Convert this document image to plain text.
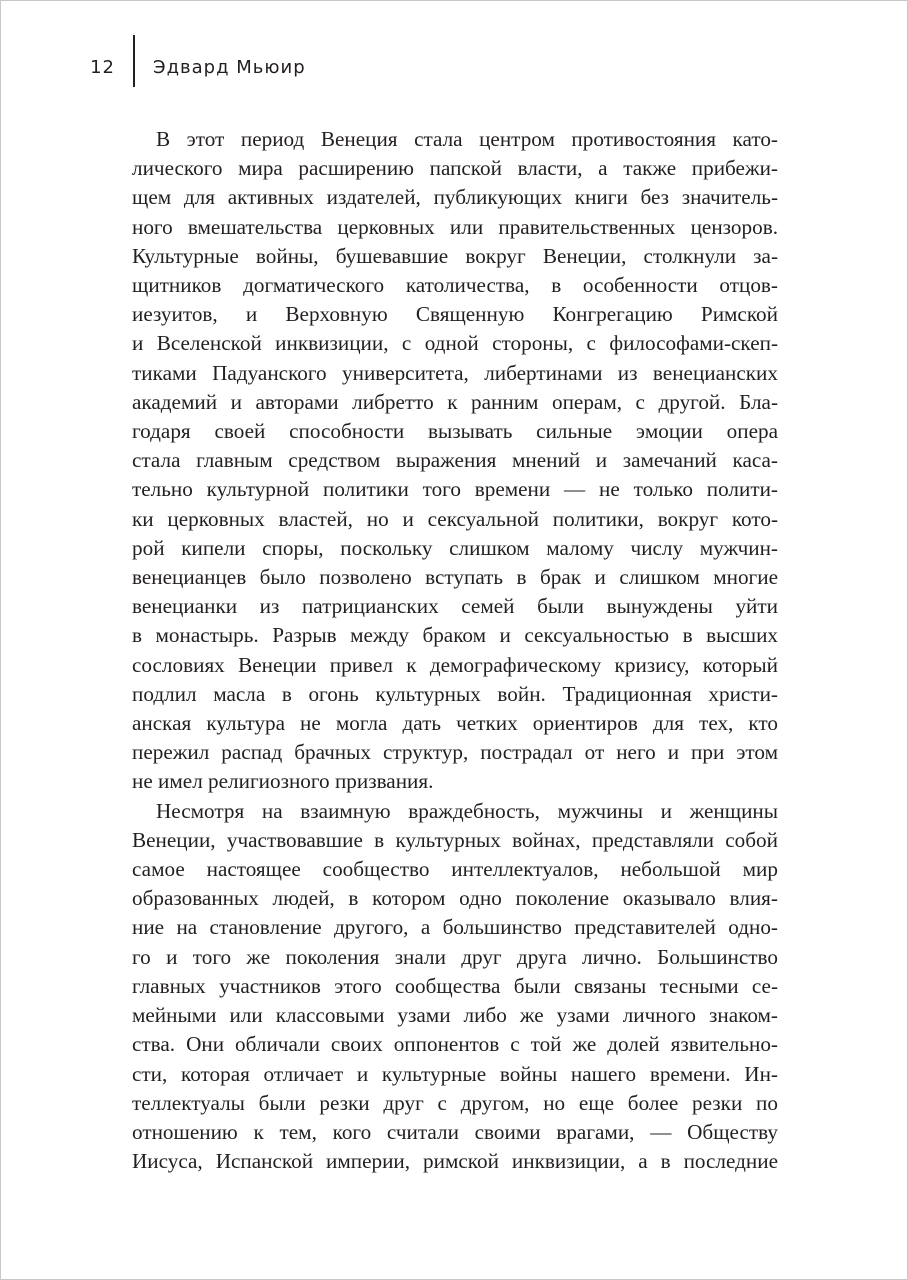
12 Эдвард Мьюир
В этот период Венеция стала центром противостояния като-
лического мира расширению папской власти, а также прибежи-
щем для активных издателей, публикующих книги без значитель-
ного вмешательства церковных или правительственных цензоров.
Культурные войны, бушевавшие вокруг Венеции, столкнули за-
щитников догматического католичества, в особенности отцов-
иезуитов, и Верховную Священную Конгрегацию Римской
и Вселенской инквизиции, с одной стороны, с философами-скеп-
тиками Падуанского университета, либертинами из венецианских
академий и авторами либретто к ранним операм, с другой. Бла-
годаря своей способности вызывать сильные эмоции опера
стала главным средством выражения мнений и замечаний каса-
тельно культурной политики того времени — не только полити-
ки церковных властей, но и сексуальной политики, вокруг кото-
рой кипели споры, поскольку слишком малому числу мужчин-
венецианцев было позволено вступать в брак и слишком многие
венецианки из патрицианских семей были вынуждены уйти
в монастырь. Разрыв между браком и сексуальностью в высших
сословиях Венеции привел к демографическому кризису, который
подлил масла в огонь культурных войн. Традиционная христи-
анская культура не могла дать четких ориентиров для тех, кто
пережил распад брачных структур, пострадал от него и при этом
не имел религиозного призвания.
Несмотря на взаимную враждебность, мужчины и женщины
Венеции, участвовавшие в культурных войнах, представляли собой
самое настоящее сообщество интеллектуалов, небольшой мир
образованных людей, в котором одно поколение оказывало влия-
ние на становление другого, а большинство представителей одно-
го и того же поколения знали друг друга лично. Большинство
главных участников этого сообщества были связаны тесными се-
мейными или классовыми узами либо же узами личного знаком-
ства. Они обличали своих оппонентов с той же долей язвительно-
сти, которая отличает и культурные войны нашего времени. Ин-
теллектуалы были резки друг с другом, но еще более резки по
отношению к тем, кого считали своими врагами, — Обществу
Иисуса, Испанской империи, римской инквизиции, а в последние
